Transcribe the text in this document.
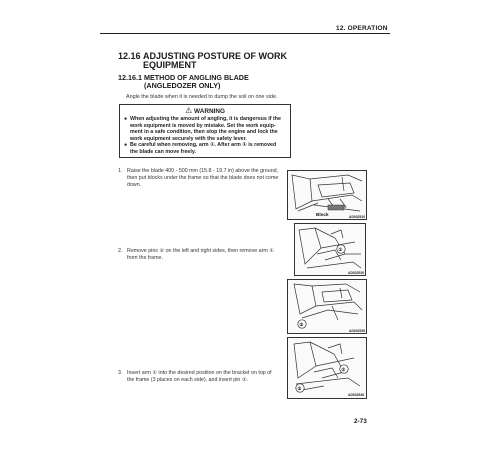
12. OPERATION
12.16 ADJUSTING POSTURE OF WORK
EQUIPMENT
12.16.1 METHOD OF ANGLING BLADE
(ANGLEDOZER ONLY)
Angle the blade when it is needed to dump the soil on one side.
⚠ WARNING
● When adjusting the amount of angling, it is dangerous if the
work equipment is moved by mistake. Set the work equip-
ment in a safe condition, then stop the engine and lock the
work equipment securely with the safety lever.
● Be careful when removing, arm ①. After arm ① is removed
the blade can move freely.
1. Raise the blade 400 - 500 mm (15.8 - 19.7 in) above the ground,
then put blocks under the frame so that the blade does not come
down.
2. Remove pins ② on the left and right sides, then remove arm ①
from the frame.
3. Insert arm ① into the desired position on the bracket on top of
the frame (3 places on each side), and insert pin ②.
Block	AD032510
①
AD032520
②
AD032530
②
①
AD032540
2-73
